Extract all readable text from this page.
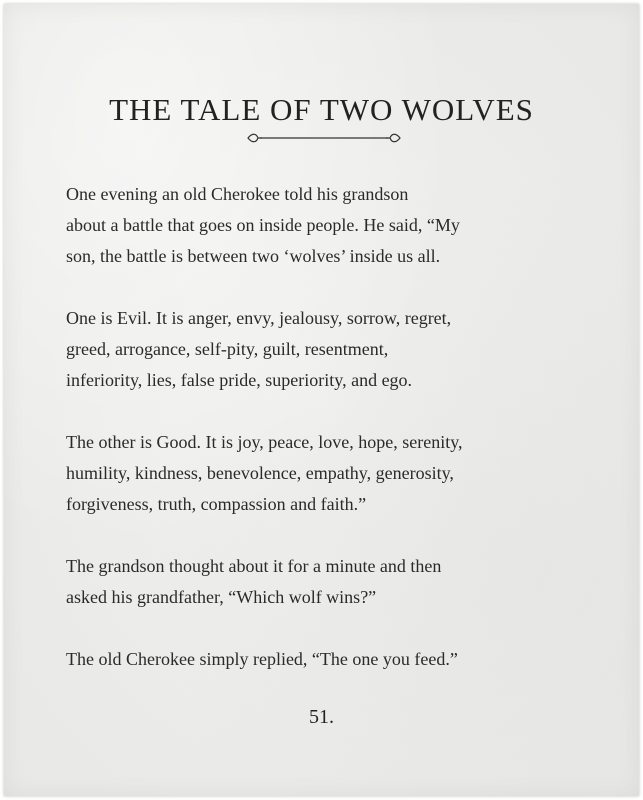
THE TALE OF TWO WOLVES

One evening an old Cherokee told his grandson
about a battle that goes on inside people. He said, “My
son, the battle is between two ‘wolves’ inside us all.

One is Evil. It is anger, envy, jealousy, sorrow, regret,
greed, arrogance, self-pity, guilt, resentment,
inferiority, lies, false pride, superiority, and ego.

The other is Good. It is joy, peace, love, hope, serenity,
humility, kindness, benevolence, empathy, generosity,
forgiveness, truth, compassion and faith.”

The grandson thought about it for a minute and then
asked his grandfather, “Which wolf wins?”

The old Cherokee simply replied, “The one you feed.”

51.
